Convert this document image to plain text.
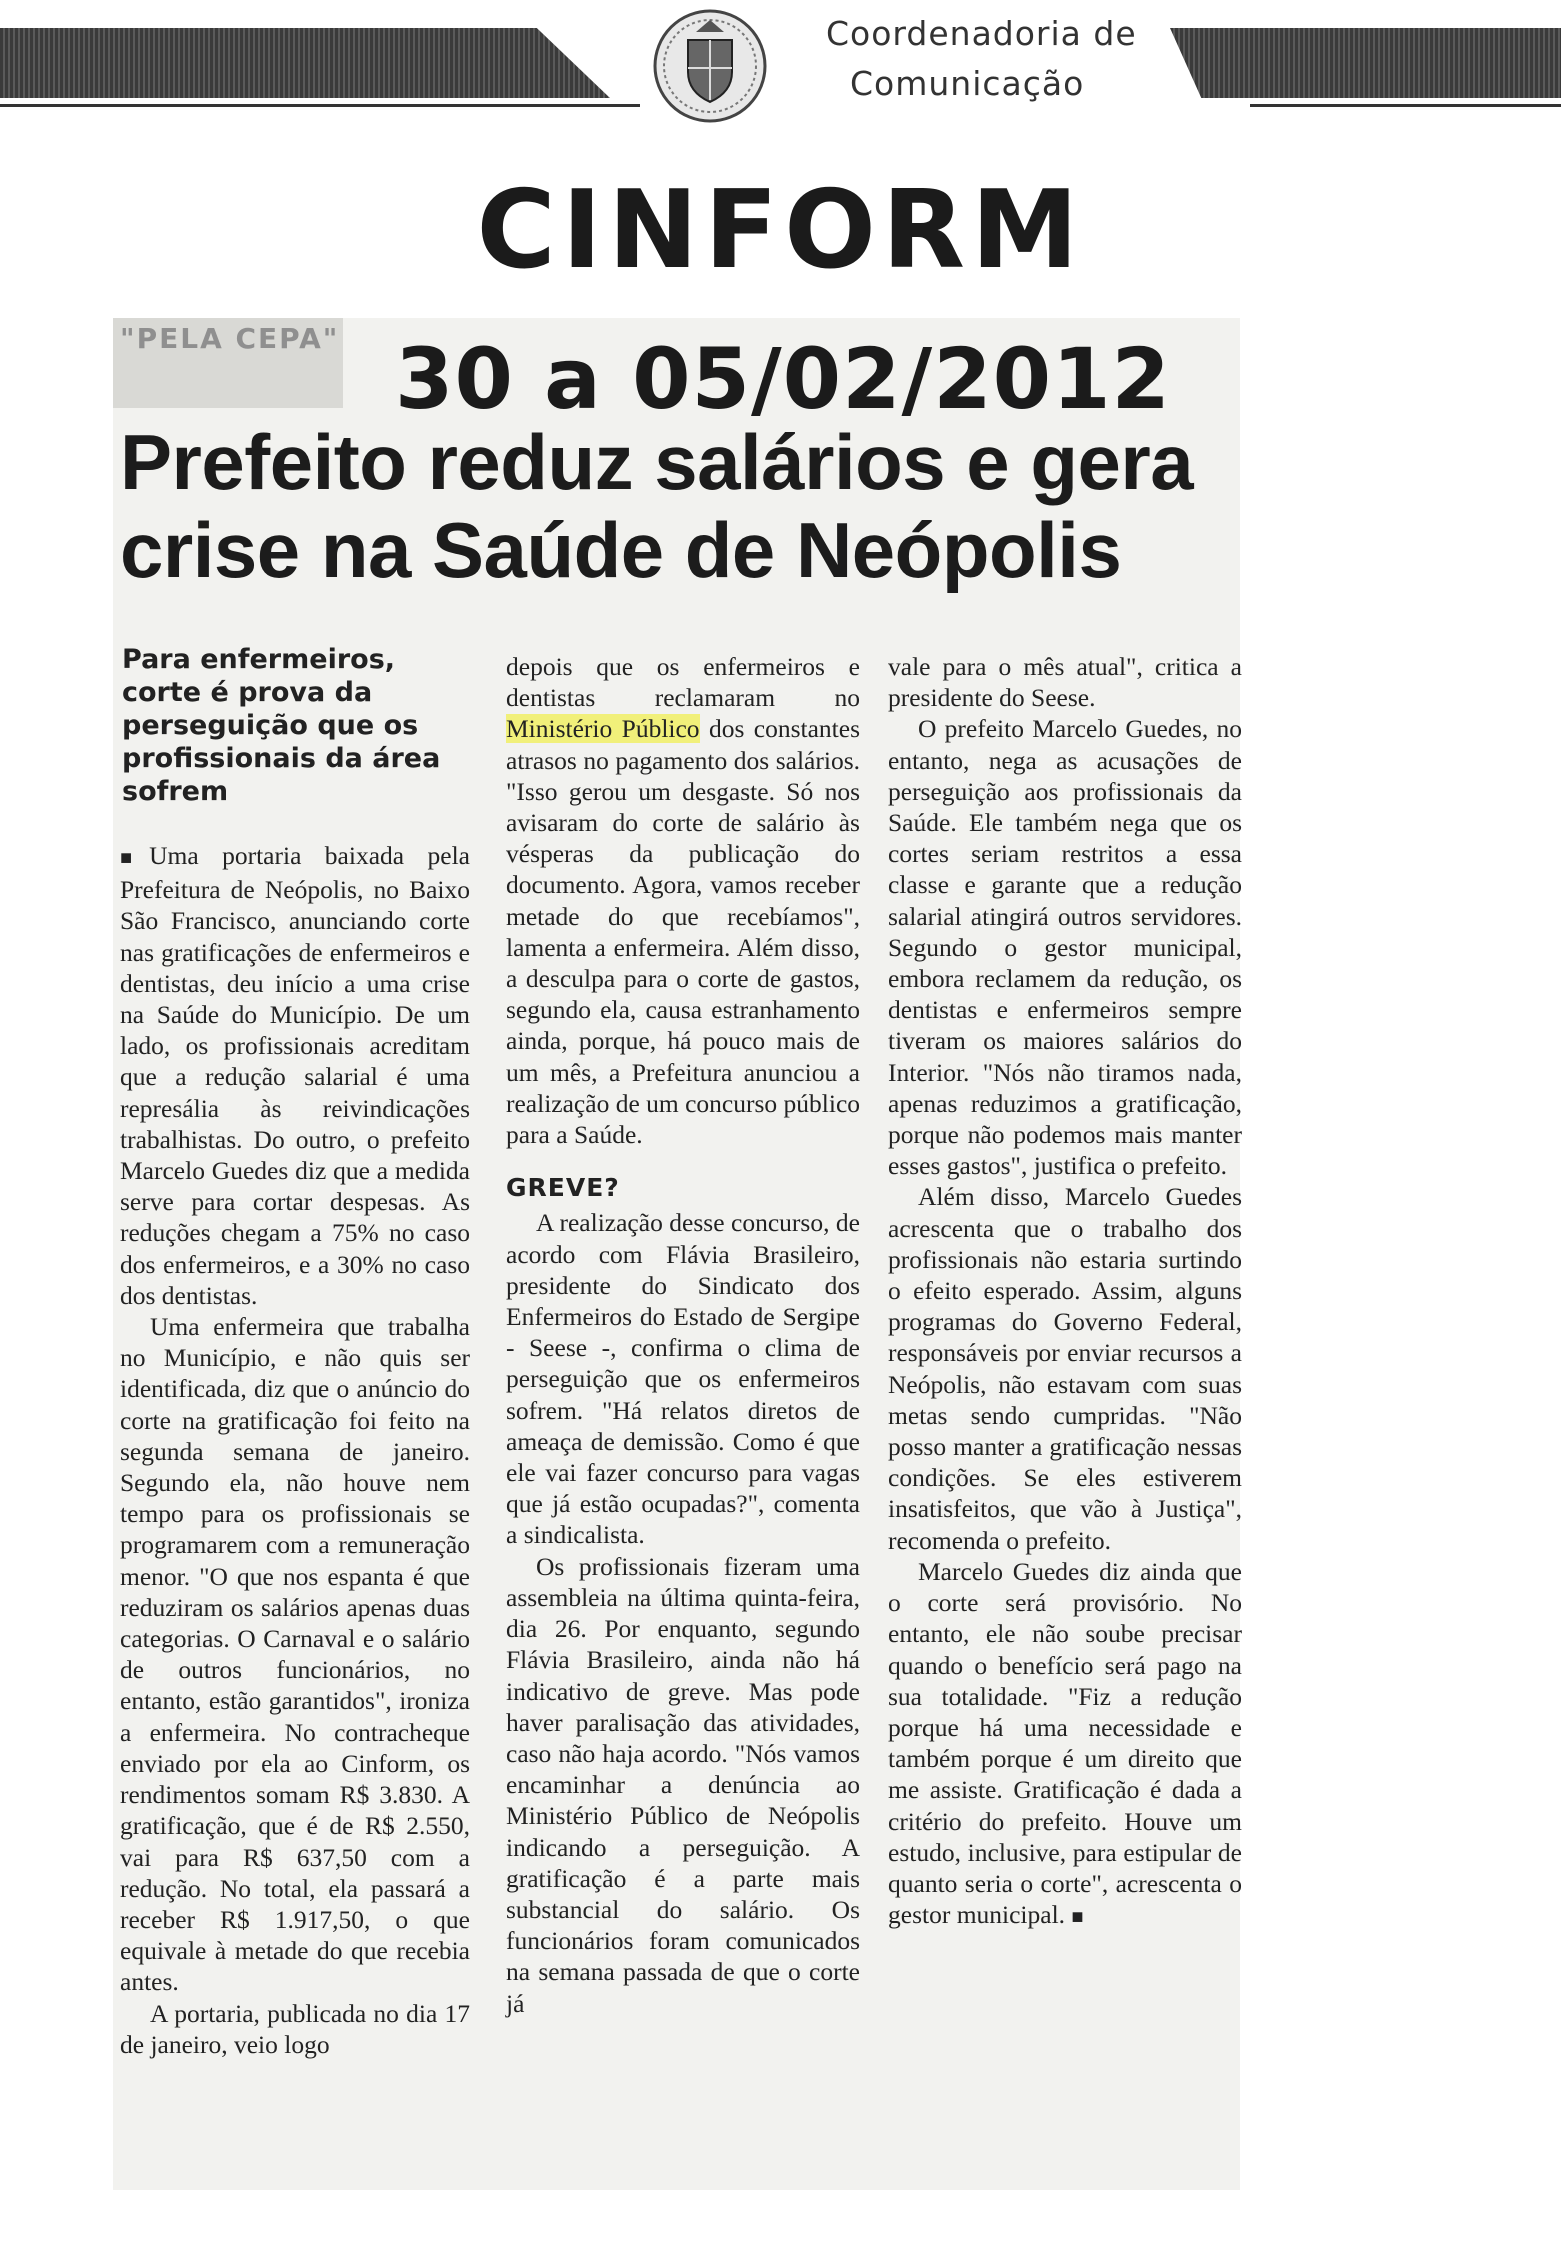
Coordenadoria de
Comunicação
CINFORM
"PELA CEPA" 30 a 05/02/2012
Prefeito reduz salários e gera
crise na Saúde de Neópolis
Para enfermeiros, corte é prova da perseguição que os profissionais da área sofrem

■Uma portaria baixada pela Prefeitura de Neópolis, no Baixo São Francisco, anunciando corte nas gratificações de enfermeiros e dentistas, deu início a uma crise na Saúde do Município. De um lado, os profissionais acreditam que a redução salarial é uma represália às reivindicações trabalhistas. Do outro, o prefeito Marcelo Guedes diz que a medida serve para cortar despesas. As reduções chegam a 75% no caso dos enfermeiros, e a 30% no caso dos dentistas.

Uma enfermeira que trabalha no Município, e não quis ser identificada, diz que o anúncio do corte na gratificação foi feito na segunda semana de janeiro. Segundo ela, não houve nem tempo para os profissionais se programarem com a remuneração menor. "O que nos espanta é que reduziram os salários apenas duas categorias. O Carnaval e o salário de outros funcionários, no entanto, estão garantidos", ironiza a enfermeira. No contracheque enviado por ela ao Cinform, os rendimentos somam R$ 3.830. A gratificação, que é de R$ 2.550, vai para R$ 637,50 com a redução. No total, ela passará a receber R$ 1.917,50, o que equivale à metade do que recebia antes.

A portaria, publicada no dia 17 de janeiro, veio logo

depois que os enfermeiros e dentistas reclamaram no Ministério Público dos constantes atrasos no pagamento dos salários. "Isso gerou um desgaste. Só nos avisaram do corte de salário às vésperas da publicação do documento. Agora, vamos receber metade do que recebíamos", lamenta a enfermeira. Além disso, a desculpa para o corte de gastos, segundo ela, causa estranhamento ainda, porque, há pouco mais de um mês, a Prefeitura anunciou a realização de um concurso público para a Saúde.

GREVE?

A realização desse concurso, de acordo com Flávia Brasileiro, presidente do Sindicato dos Enfermeiros do Estado de Sergipe - Seese -, confirma o clima de perseguição que os enfermeiros sofrem. "Há relatos diretos de ameaça de demissão. Como é que ele vai fazer concurso para vagas que já estão ocupadas?", comenta a sindicalista.

Os profissionais fizeram uma assembleia na última quinta-feira, dia 26. Por enquanto, segundo Flávia Brasileiro, ainda não há indicativo de greve. Mas pode haver paralisação das atividades, caso não haja acordo. "Nós vamos encaminhar a denúncia ao Ministério Público de Neópolis indicando a perseguição. A gratificação é a parte mais substancial do salário. Os funcionários foram comunicados na semana passada de que o corte já

vale para o mês atual", critica a presidente do Seese.

O prefeito Marcelo Guedes, no entanto, nega as acusações de perseguição aos profissionais da Saúde. Ele também nega que os cortes seriam restritos a essa classe e garante que a redução salarial atingirá outros servidores. Segundo o gestor municipal, embora reclamem da redução, os dentistas e enfermeiros sempre tiveram os maiores salários do Interior. "Nós não tiramos nada, apenas reduzimos a gratificação, porque não podemos mais manter esses gastos", justifica o prefeito.

Além disso, Marcelo Guedes acrescenta que o trabalho dos profissionais não estaria surtindo o efeito esperado. Assim, alguns programas do Governo Federal, responsáveis por enviar recursos a Neópolis, não estavam com suas metas sendo cumpridas. "Não posso manter a gratificação nessas condições. Se eles estiverem insatisfeitos, que vão à Justiça", recomenda o prefeito.

Marcelo Guedes diz ainda que o corte será provisório. No entanto, ele não soube precisar quando o benefício será pago na sua totalidade. "Fiz a redução porque há uma necessidade e também porque é um direito que me assiste. Gratificação é dada a critério do prefeito. Houve um estudo, inclusive, para estipular de quanto seria o corte", acrescenta o gestor municipal. ■
